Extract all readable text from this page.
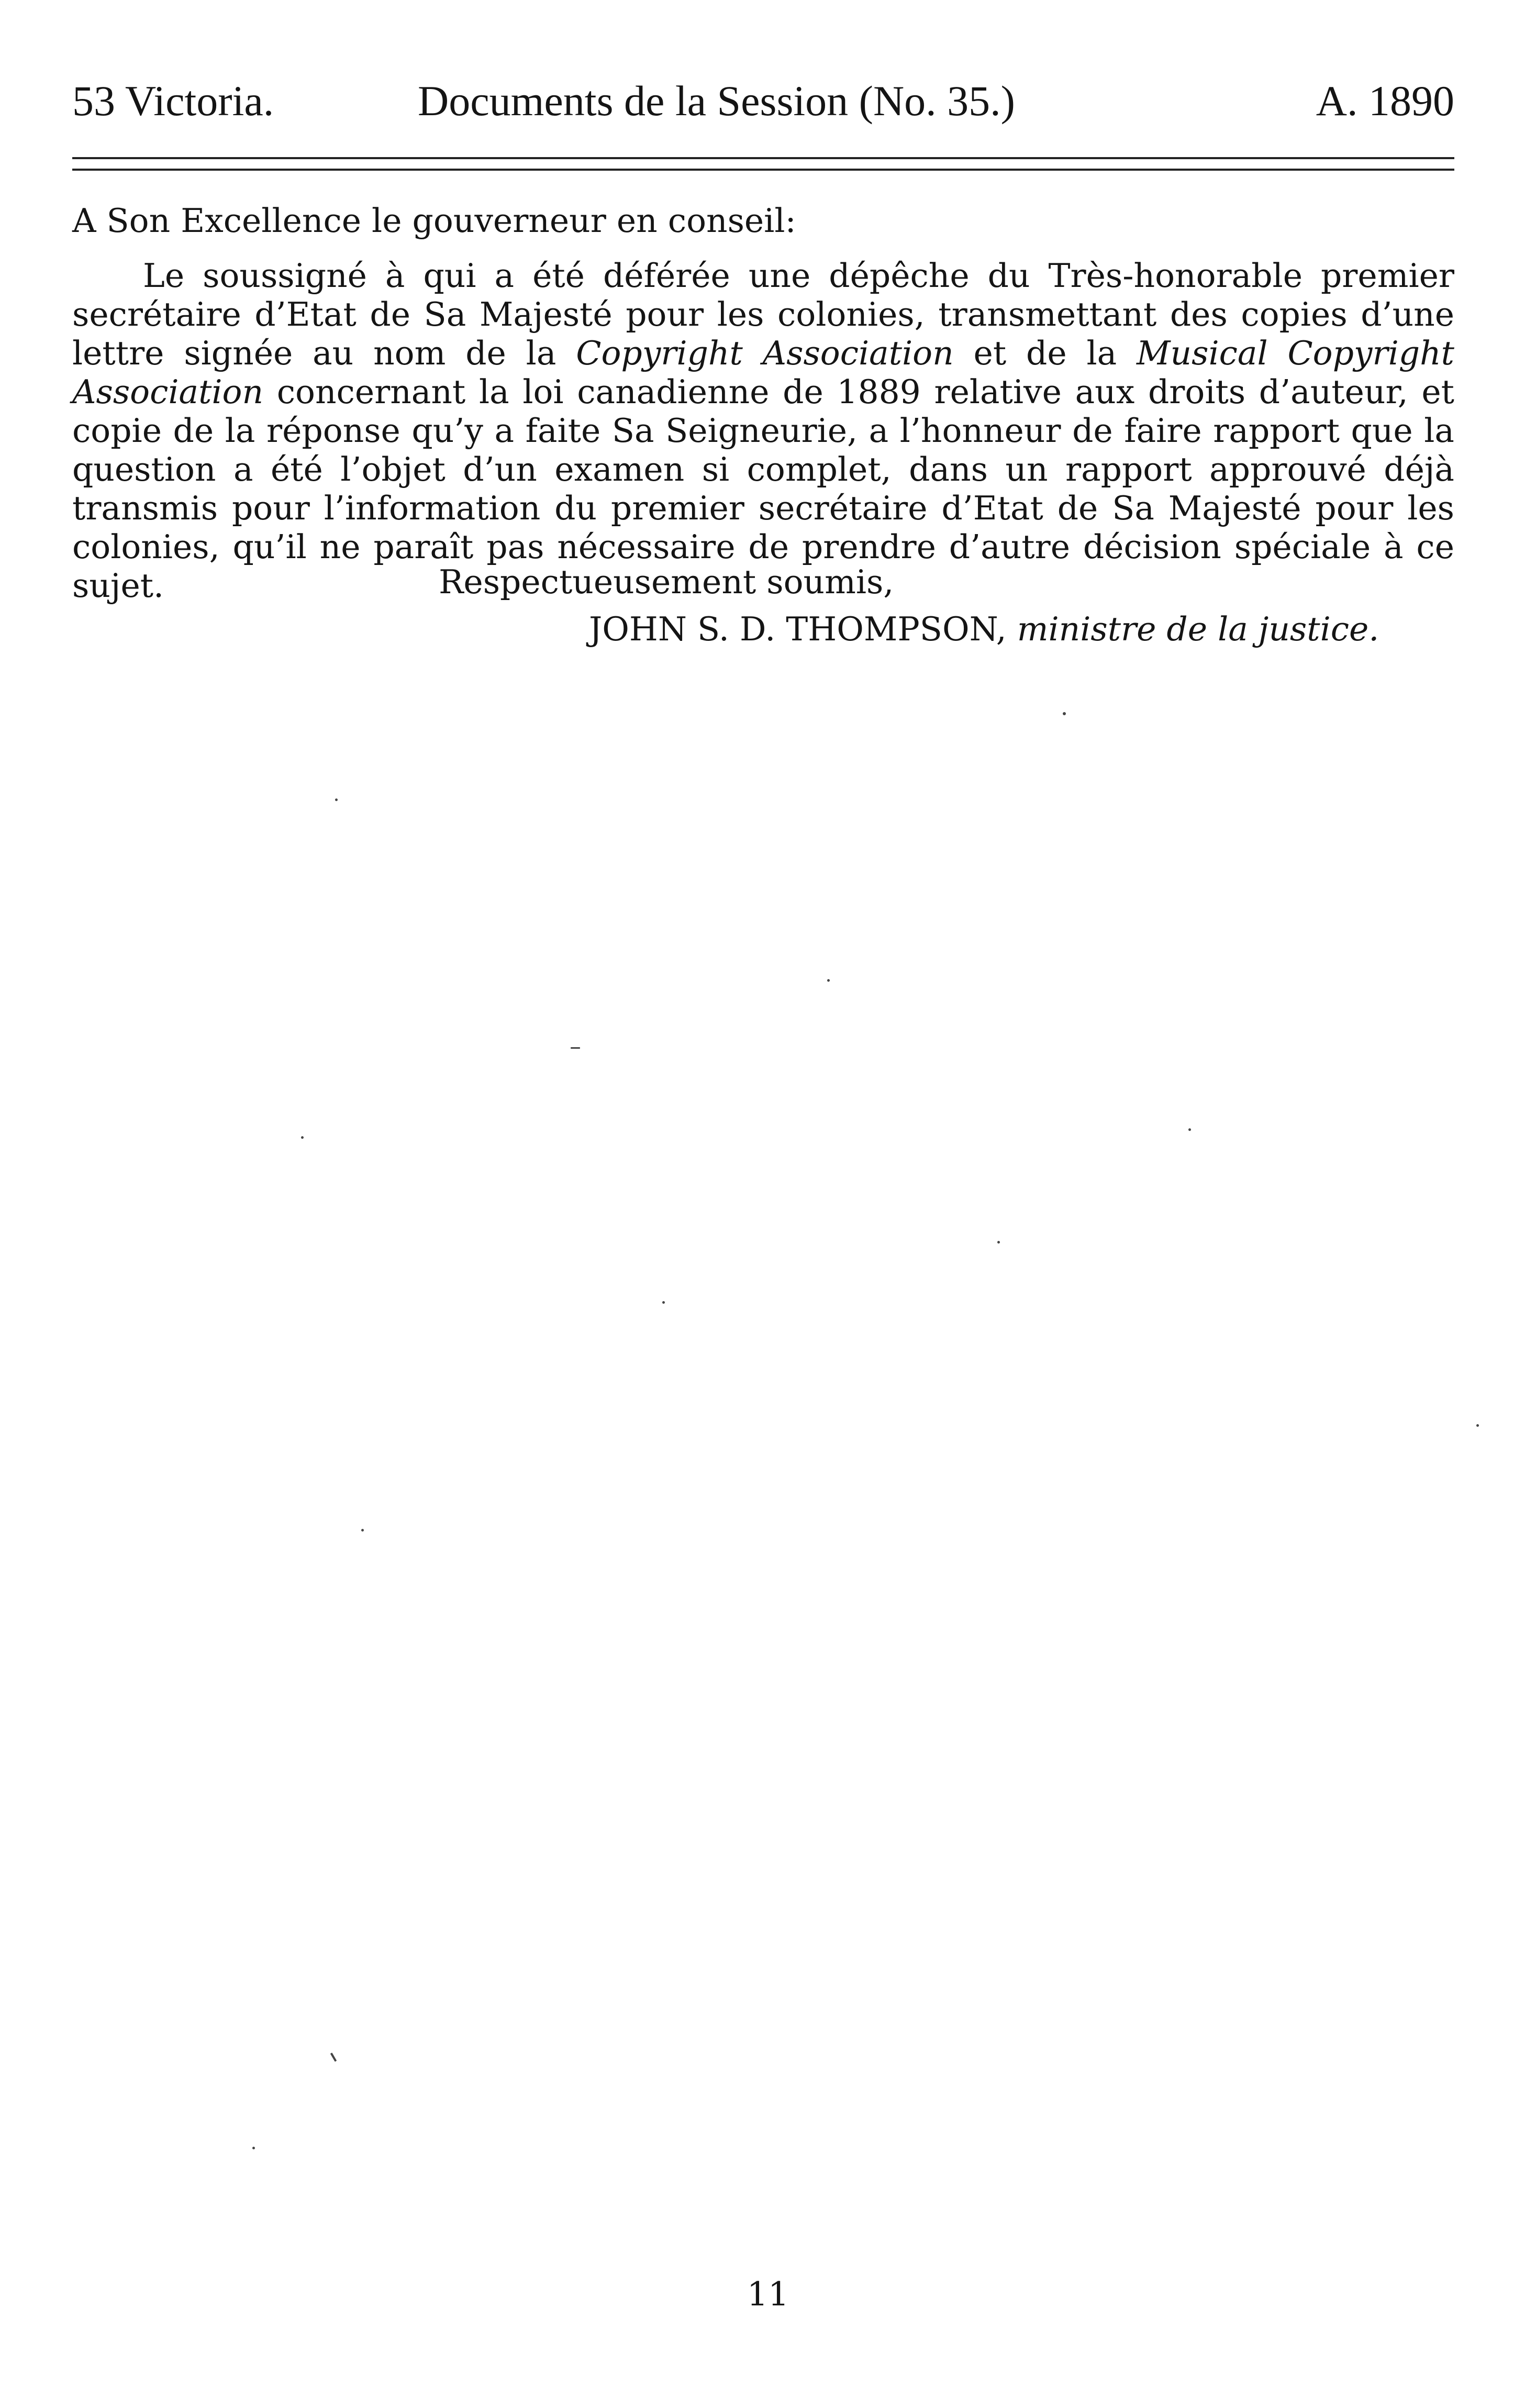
53 Victoria.	Documents de la Session (No. 35.)	A. 1890
A Son Excellence le gouverneur en conseil:
Le soussigné à qui a été déférée une dépêche du Très-honorable premier secrétaire d’Etat de Sa Majesté pour les colonies, transmettant des copies d’une lettre signée au nom de la Copyright Association et de la Musical Copyright Association concernant la loi canadienne de 1889 relative aux droits d’auteur, et copie de la réponse qu’y a faite Sa Seigneurie, a l’honneur de faire rapport que la question a été l’objet d’un examen si complet, dans un rapport approuvé déjà transmis pour l’information du premier secrétaire d’Etat de Sa Majesté pour les colonies, qu’il ne paraît pas nécessaire de prendre d’autre décision spéciale à ce sujet.	Respectueusement soumis,
JOHN S. D. THOMPSON, ministre de la justice.
11
